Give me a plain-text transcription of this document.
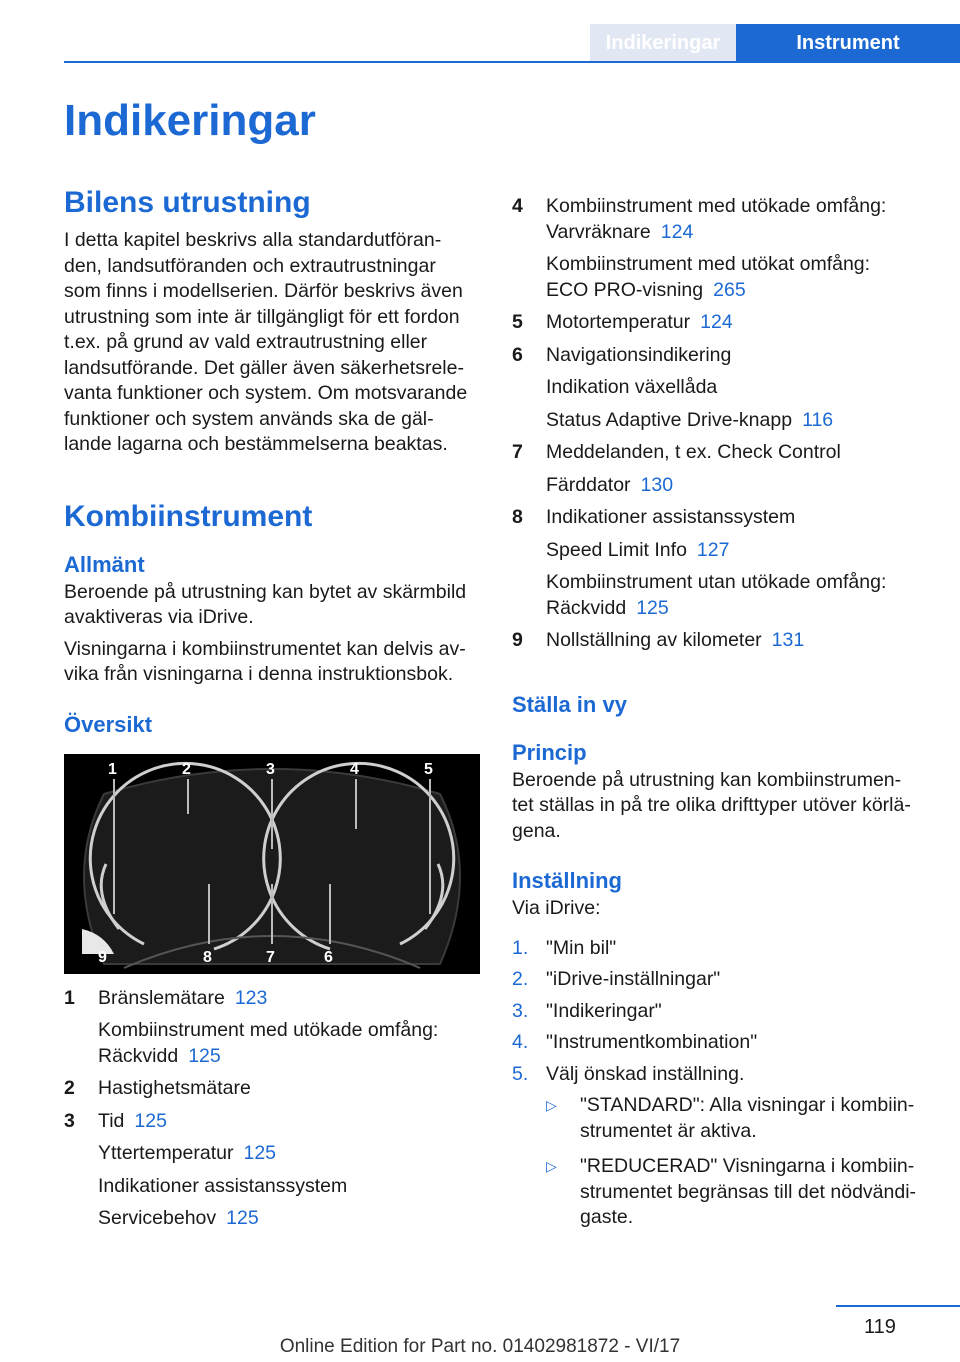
Indikeringar	Instrument
Indikeringar
Bilens utrustning
I detta kapitel beskrivs alla standardutföran-
den, landsutföranden och extrautrustningar
som finns i modellserien. Därför beskrivs även
utrustning som inte är tillgängligt för ett fordon
t.ex. på grund av vald extrautrustning eller
landsutförande. Det gäller även säkerhetsrele-
vanta funktioner och system. Om motsvarande
funktioner och system används ska de gäl-
lande lagarna och bestämmelserna beaktas.
Kombiinstrument
Allmänt
Beroende på utrustning kan bytet av skärmbild
avaktiveras via iDrive.
Visningarna i kombiinstrumentet kan delvis av-
vika från visningarna i denna instruktionsbok.
Översikt
1	2	3	4	5
9	8	7	6
1	Bränslemätare 123
Kombiinstrument med utökade omfång:
Räckvidd 125
2	Hastighetsmätare
3	Tid 125
Yttertemperatur 125
Indikationer assistanssystem
Servicebehov 125
4	Kombiinstrument med utökade omfång:
Varvräknare 124
Kombiinstrument med utökat omfång:
ECO PRO-visning 265
5	Motortemperatur 124
6	Navigationsindikering
Indikation växellåda
Status Adaptive Drive-knapp 116
7	Meddelanden, t ex. Check Control
Färddator 130
8	Indikationer assistanssystem
Speed Limit Info 127
Kombiinstrument utan utökade omfång:
Räckvidd 125
9	Nollställning av kilometer 131
Ställa in vy
Princip
Beroende på utrustning kan kombiinstrumen-
tet ställas in på tre olika drifttyper utöver körlä-
gena.
Inställning
Via iDrive:
1. "Min bil"
2. "iDrive-inställningar"
3. "Indikeringar"
4. "Instrumentkombination"
5. Välj önskad inställning.
▷	"STANDARD": Alla visningar i kombiin-
strumentet är aktiva.
▷	"REDUCERAD" Visningarna i kombiin-
strumentet begränsas till det nödvändi-
gaste.
119
Online Edition for Part no. 01402981872 - VI/17
